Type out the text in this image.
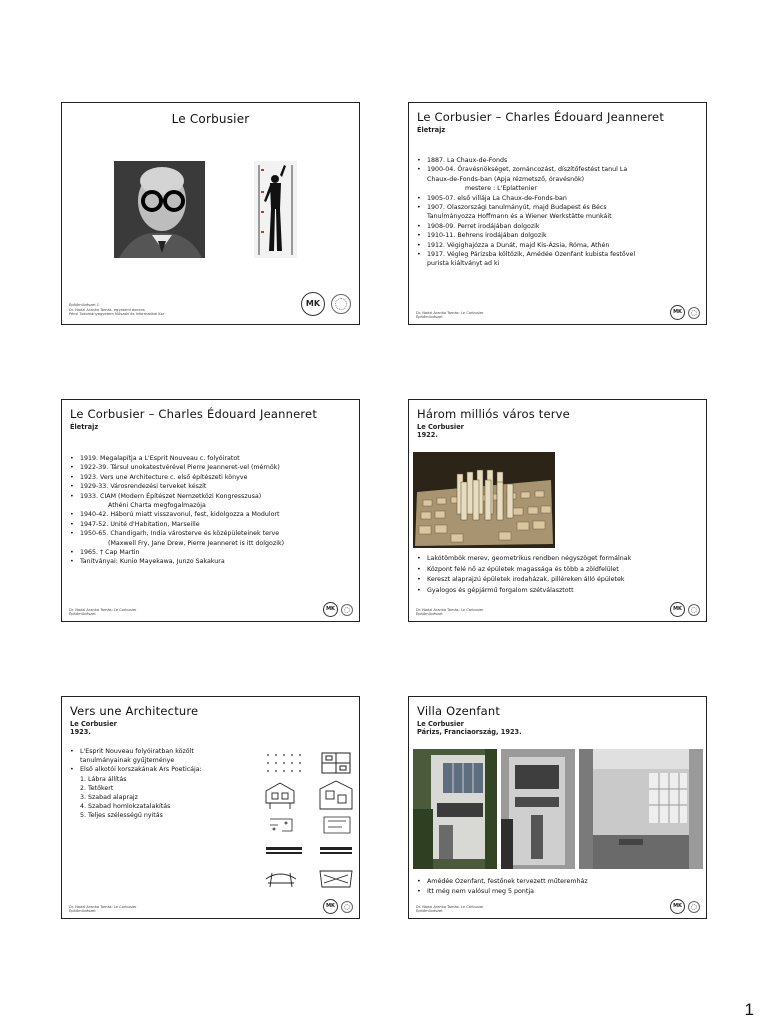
Le Corbusier
Építőművészet 1.
Dr. Nadzi Aranka Tamás, egyetemi docens
Pécsi Tudományegyetem Műszaki és Informatikai Kar
MK
Le Corbusier – Charles Édouard Jeanneret
Életrajz
• 1887. La Chaux-de-Fonds
• 1900-04. Óravésnökséget, zománcozást, díszítőfestést tanul La
Chaux-de-Fonds-ban (Apja rézmetsző, óravésnök)
mestere : L'Eplattenier
• 1905-07. első villája La Chaux-de-Fonds-ban
• 1907. Olaszországi tanulmányút, majd Budapest és Bécs
Tanulmányozza Hoffmann és a Wiener Werkstätte munkáit
• 1908-09. Perret irodájában dolgozik
• 1910-11. Behrens irodájában dolgozik
• 1912. Végighajózza a Dunát, majd Kis-Ázsia, Róma, Athén
• 1917. Végleg Párizsba költözik, Amédée Ozenfant kubista festővel
purista kiáltványt ad ki
Dr. Nadzi Aranka Tamás: Le Corbusier
Építőművészet
MK
Le Corbusier – Charles Édouard Jeanneret
Életrajz
• 1919. Megalapítja a L'Esprit Nouveau c. folyóiratot
• 1922-39. Társul unokatestvérével Pierre Jeanneret-vel (mérnök)
• 1923. Vers une Architecture c. első építészeti könyve
• 1929-33. Városrendezési terveket készít
• 1933. CIAM (Modern Építészet Nemzetközi Kongresszusa)
Athéni Charta megfogalmazója
• 1940-42. Háború miatt visszavonul, fest, kidolgozza a Modulort
• 1947-52. Unité d'Habitation, Marseille
• 1950-65. Chandigarh, India városterve és középületeinek terve
(Maxwell Fry, Jane Drew, Pierre Jeanneret is itt dolgozik)
• 1965. † Cap Martin
• Tanítványai: Kunio Mayekawa, Junzo Sakakura
Dr. Nadzi Aranka Tamás: Le Corbusier
Építőművészet
MK
Három milliós város terve
Le Corbusier
1922.
• Lakótömbök merev, geometrikus rendben négyszöget formálnak
• Központ felé nő az épületek magassága és több a zöldfelület
• Kereszt alaprajzú épületek irodaházak, pilléreken álló épületek
• Gyalogos és gépjármű forgalom szétválasztott
Dr. Nadzi Aranka Tamás: Le Corbusier
Építőművészet
MK
Vers une Architecture
Le Corbusier
1923.
• L'Esprit Nouveau folyóiratban közölt
tanulmányainak gyűjteménye
• Első alkotói korszakának Ars Poeticája:
1. Lábra állítás
2. Tetőkert
3. Szabad alaprajz
4. Szabad homlokzatalakítás
5. Teljes szélességű nyitás
Dr. Nadzi Aranka Tamás: Le Corbusier
Építőművészet
MK
Villa Ozenfant
Le Corbusier
Párizs, Franciaország, 1923.
• Amédée Ozenfant, festőnek tervezett műteremház
• Itt még nem valósul meg 5 pontja
Dr. Nadzi Aranka Tamás: Le Corbusier
Építőművészet
MK
1
